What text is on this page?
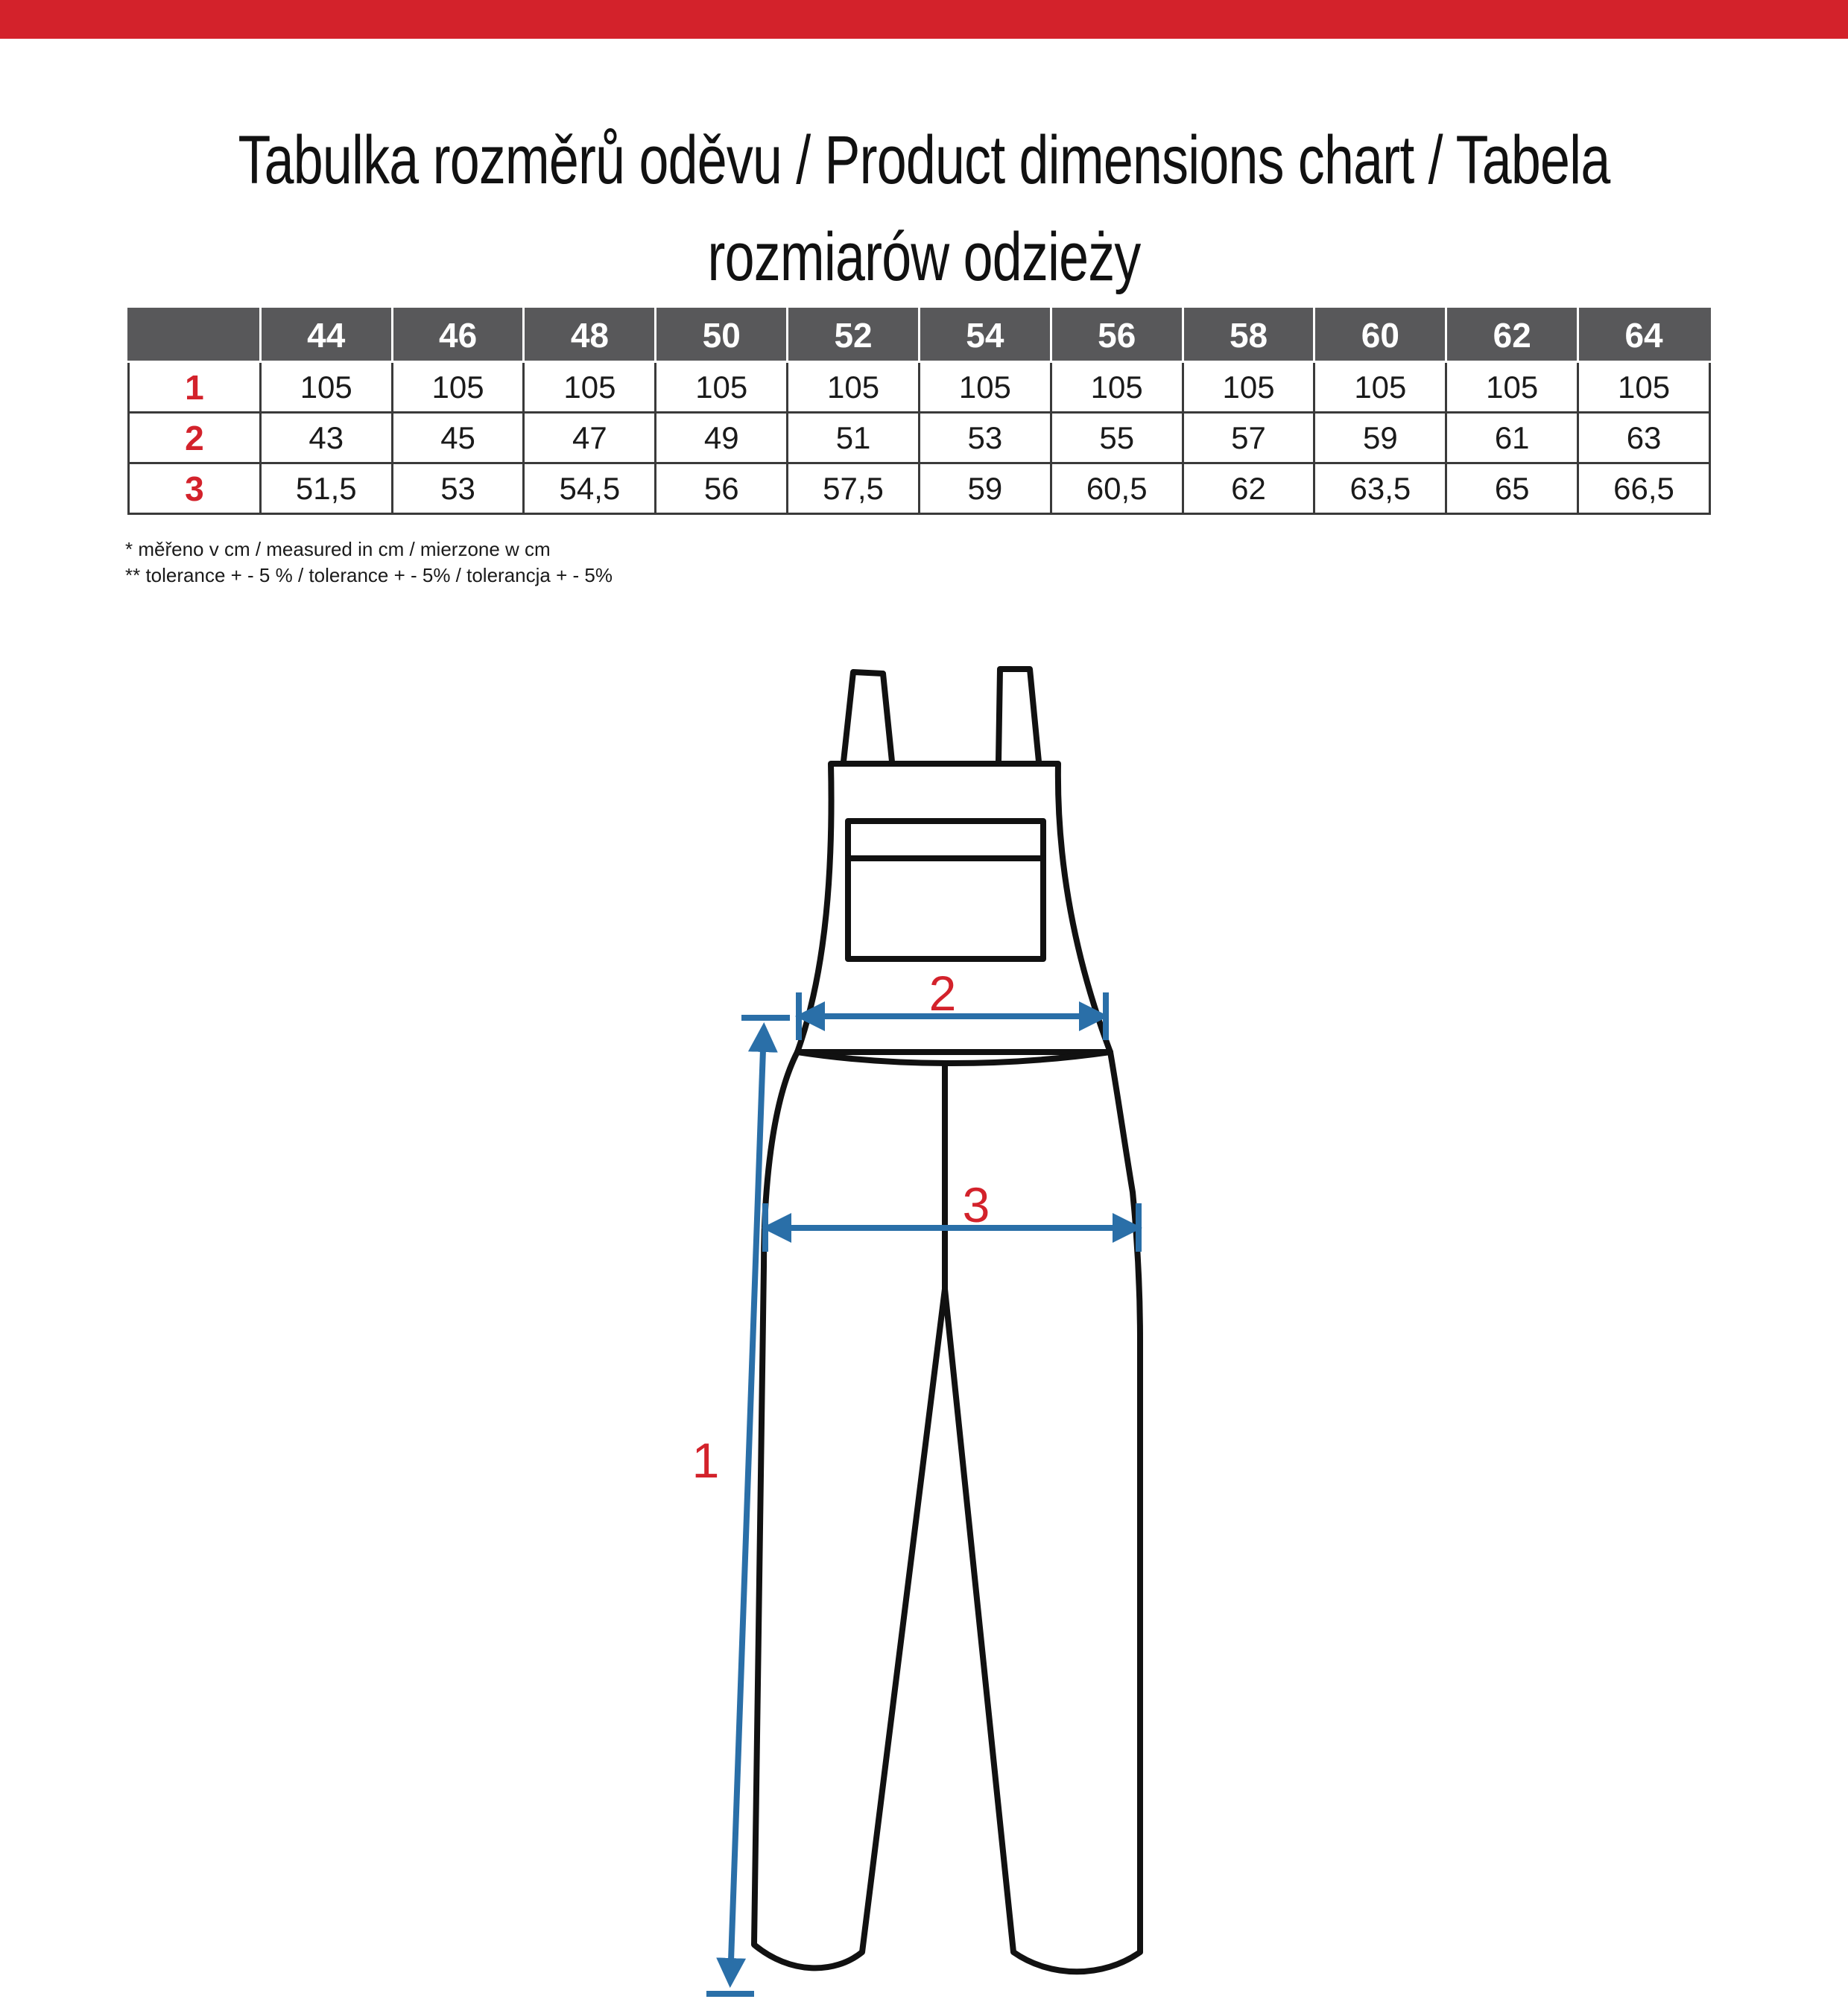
Tabulka rozměrů oděvu / Product dimensions chart / Tabela rozmiarów odzieży
	44	46	48	50	52	54	56	58	60	62	64
1	105	105	105	105	105	105	105	105	105	105	105
2	43	45	47	49	51	53	55	57	59	61	63
3	51,5	53	54,5	56	57,5	59	60,5	62	63,5	65	66,5
* měřeno v cm / measured in cm / mierzone w cm
** tolerance + - 5 % / tolerance + - 5% / tolerancja + - 5%
2
3
1
